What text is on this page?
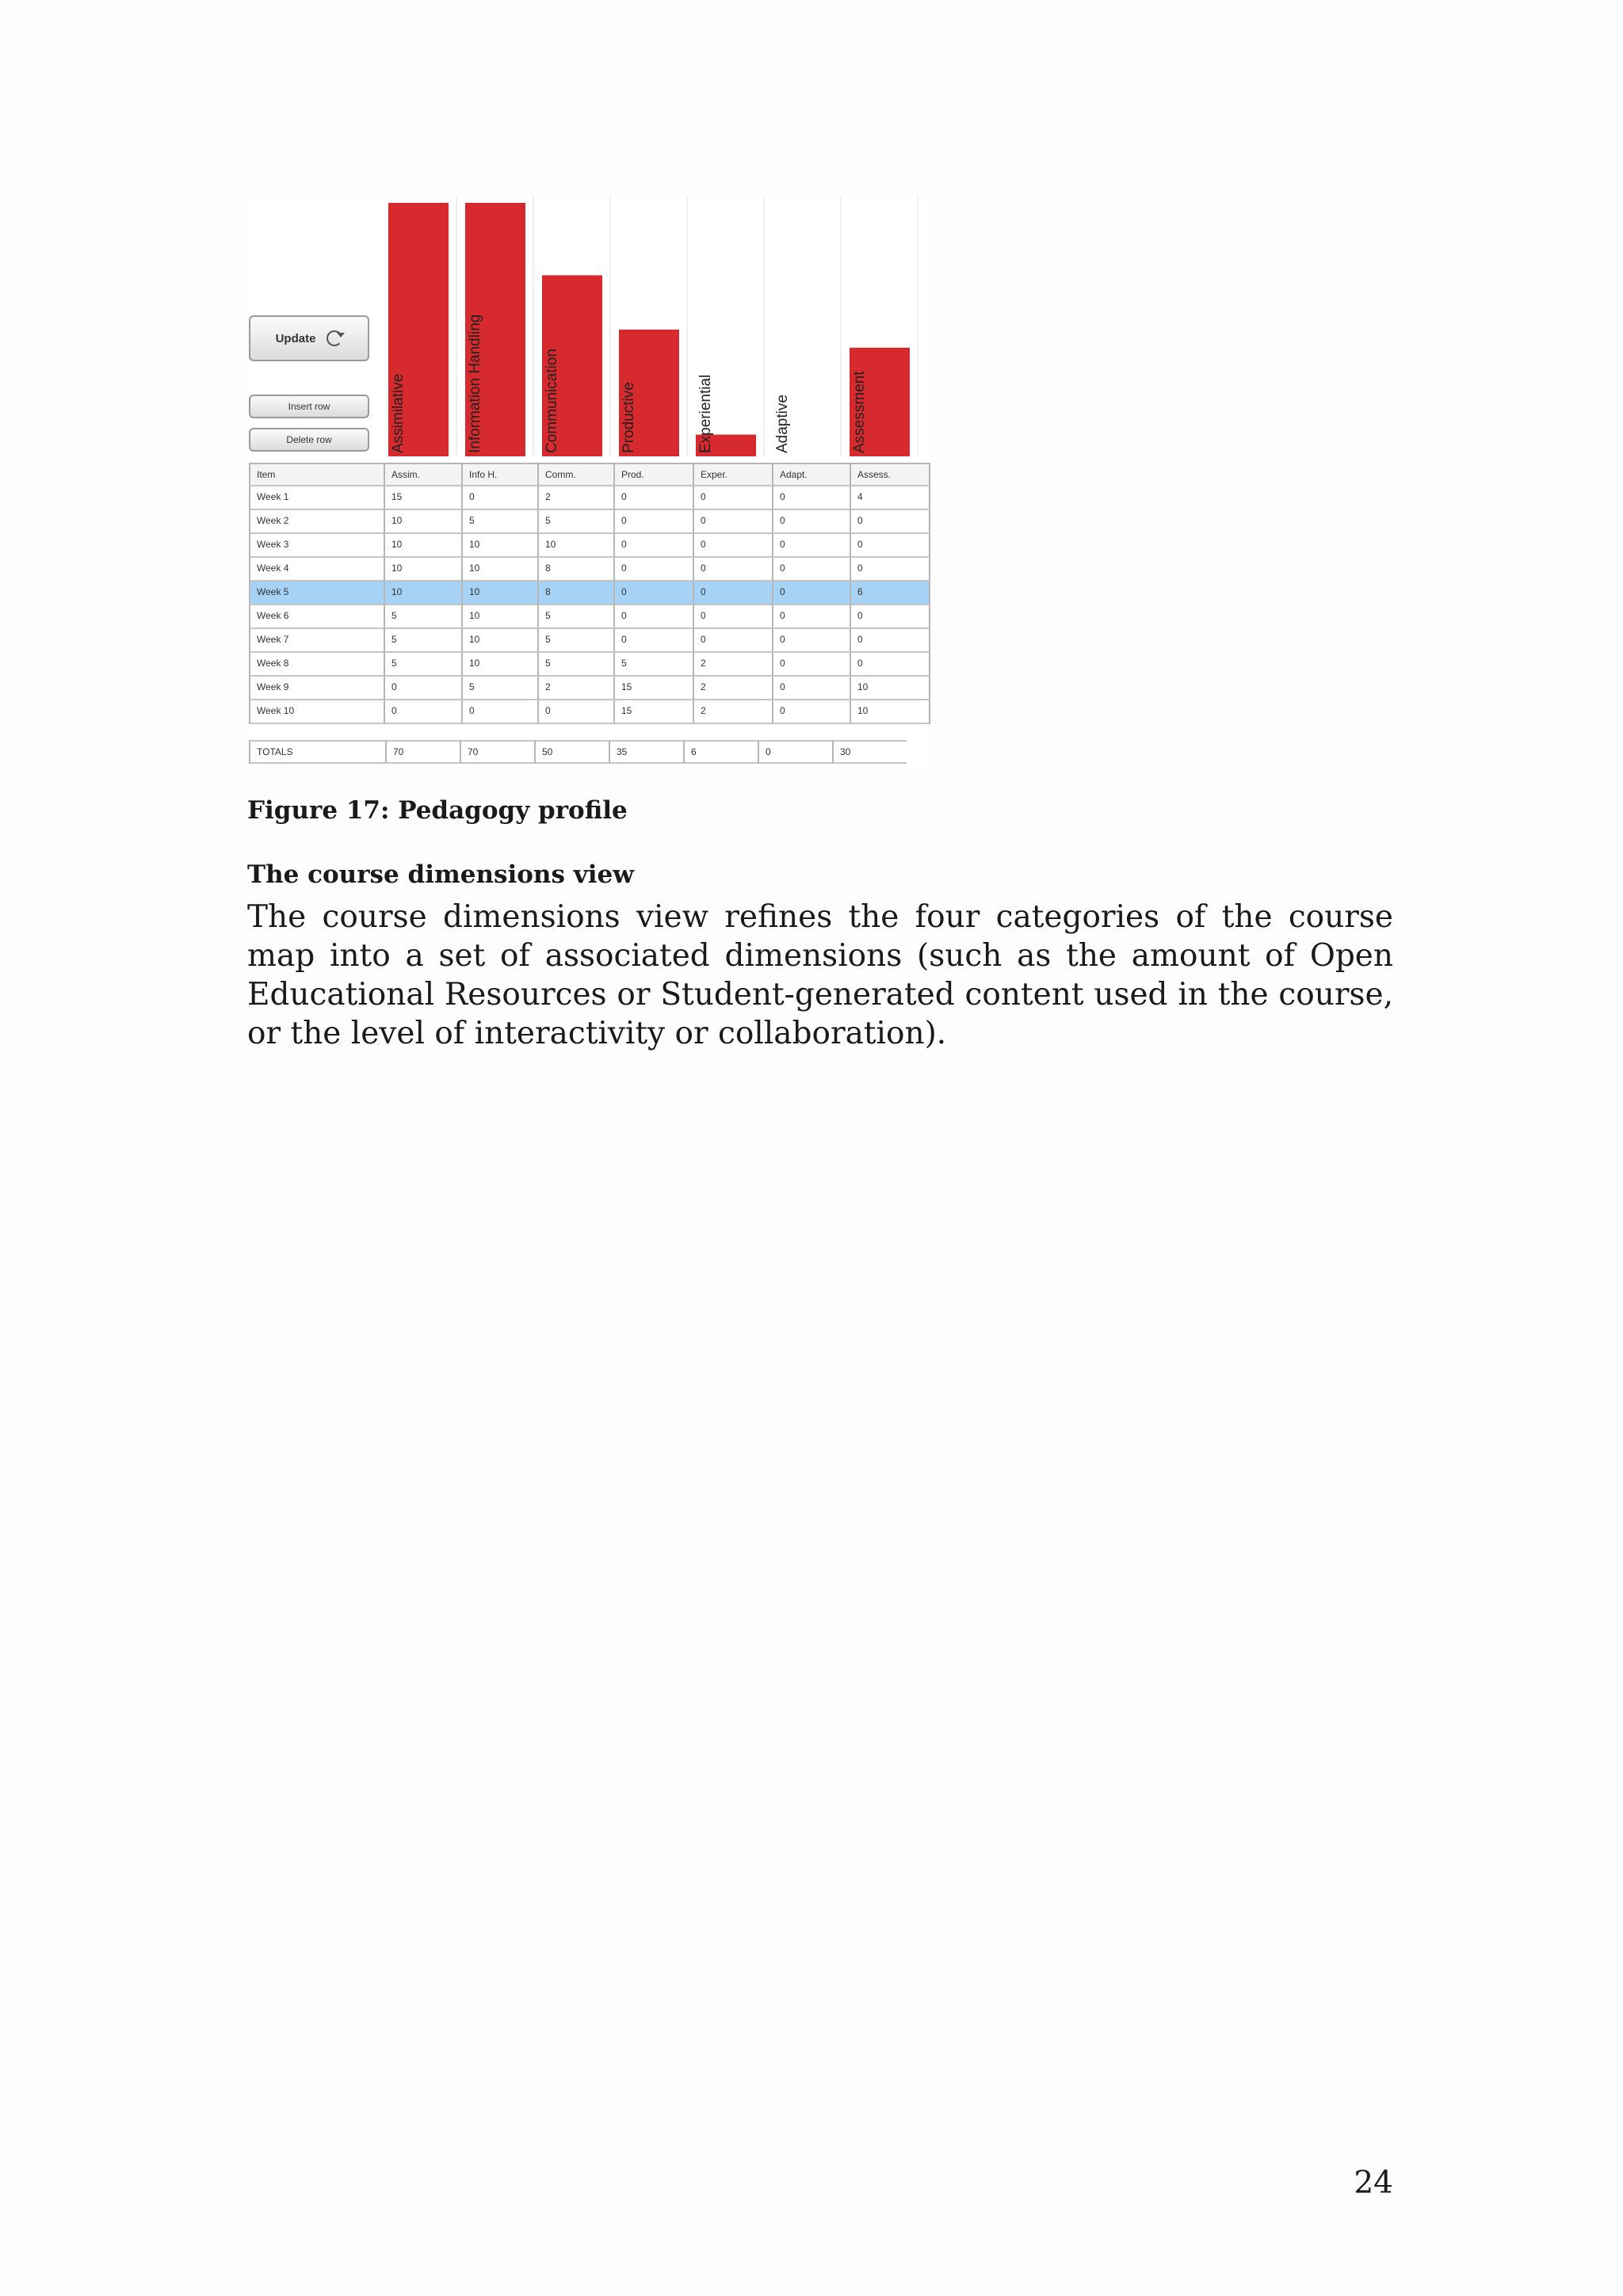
Assimilative	Information Handling	Communication	Productive	Experiential	Adaptive	Assessment
Update
Insert row
Delete row
Item	Assim.	Info H.	Comm.	Prod.	Exper.	Adapt.	Assess.
Week 1	15	0	2	0	0	0	4
Week 2	10	5	5	0	0	0	0
Week 3	10	10	10	0	0	0	0
Week 4	10	10	8	0	0	0	0
Week 5	10	10	8	0	0	0	6
Week 6	5	10	5	0	0	0	0
Week 7	5	10	5	0	0	0	0
Week 8	5	10	5	5	2	0	0
Week 9	0	5	2	15	2	0	10
Week 10	0	0	0	15	2	0	10
TOTALS	70	70	50	35	6	0	30

Figure 17: Pedagogy profile

The course dimensions view

The course dimensions view refines the four categories of the course map into a set of associated dimensions (such as the amount of Open Educational Resources or Student-generated content used in the course, or the level of interactivity or collaboration).

24
